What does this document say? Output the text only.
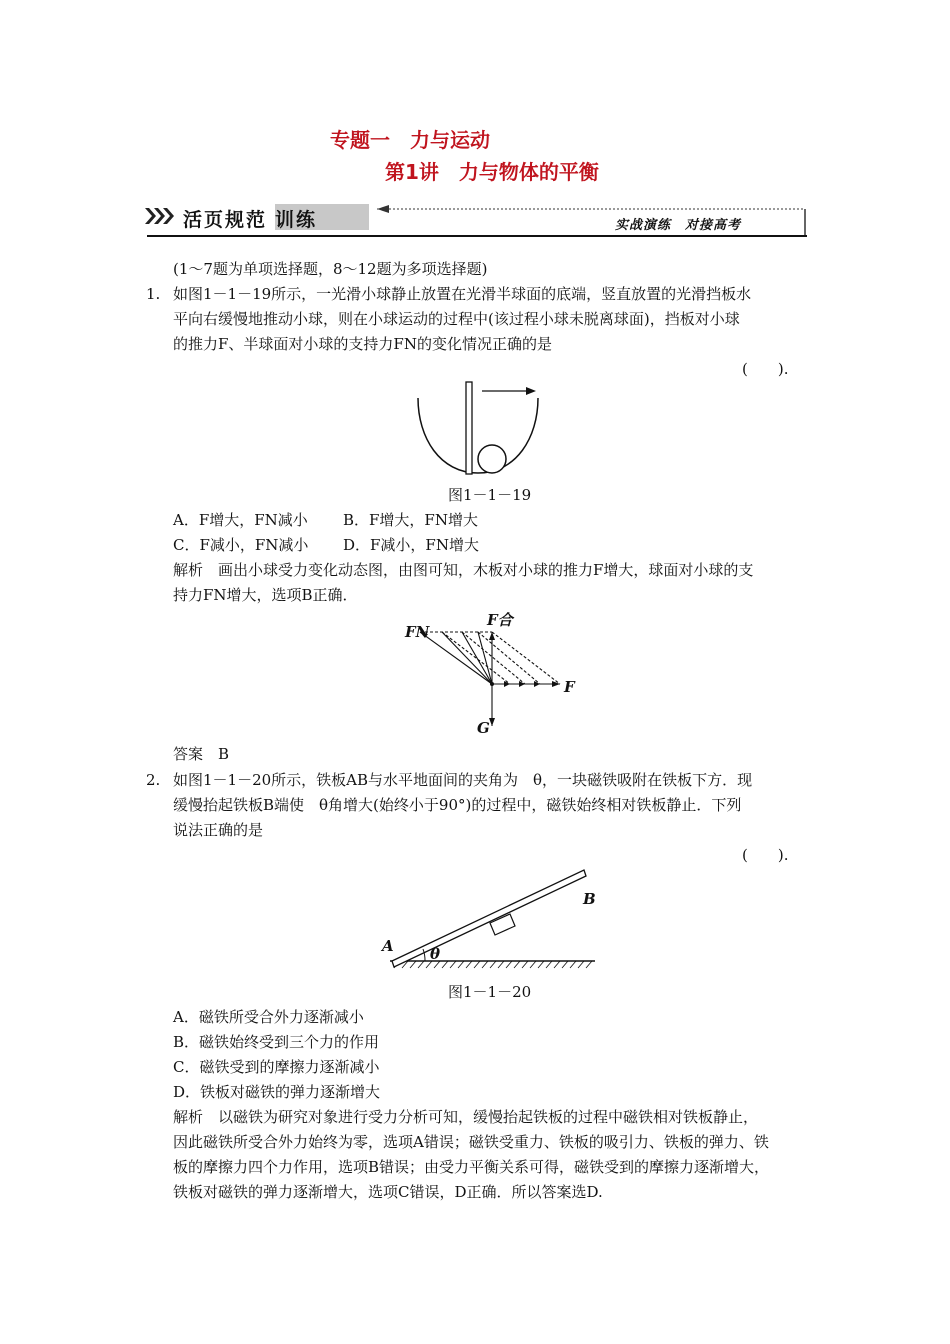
专题一　力与运动
第1讲　力与物体的平衡
活页规范 训练	实战演练　对接高考
(1～7题为单项选择题，8～12题为多项选择题)
1. 如图1－1－19所示，一光滑小球静止放置在光滑半球面的底端，竖直放置的光滑挡板水
平向右缓慢地推动小球，则在小球运动的过程中(该过程小球未脱离球面)，挡板对小球
的推力F、半球面对小球的支持力FN的变化情况正确的是
(　　).
图1－1－19
A．F增大，FN减小 B．F增大，FN增大
C．F减小，FN减小 D．F减小，FN增大
解析　画出小球受力变化动态图，由图可知，木板对小球的推力F增大，球面对小球的支
持力FN增大，选项B正确．
FN
F合
F
G
答案　B
2. 如图1－1－20所示，铁板AB与水平地面间的夹角为　θ，一块磁铁吸附在铁板下方．现
缓慢抬起铁板B端使　θ角增大(始终小于90°)的过程中，磁铁始终相对铁板静止．下列
说法正确的是
(　　).
A
B
θ
图1－1－20
A．磁铁所受合外力逐渐减小
B．磁铁始终受到三个力的作用
C．磁铁受到的摩擦力逐渐减小
D．铁板对磁铁的弹力逐渐增大
解析　以磁铁为研究对象进行受力分析可知，缓慢抬起铁板的过程中磁铁相对铁板静止，
因此磁铁所受合外力始终为零，选项A错误；磁铁受重力、铁板的吸引力、铁板的弹力、铁
板的摩擦力四个力作用，选项B错误；由受力平衡关系可得，磁铁受到的摩擦力逐渐增大，
铁板对磁铁的弹力逐渐增大，选项C错误，D正确．所以答案选D.
